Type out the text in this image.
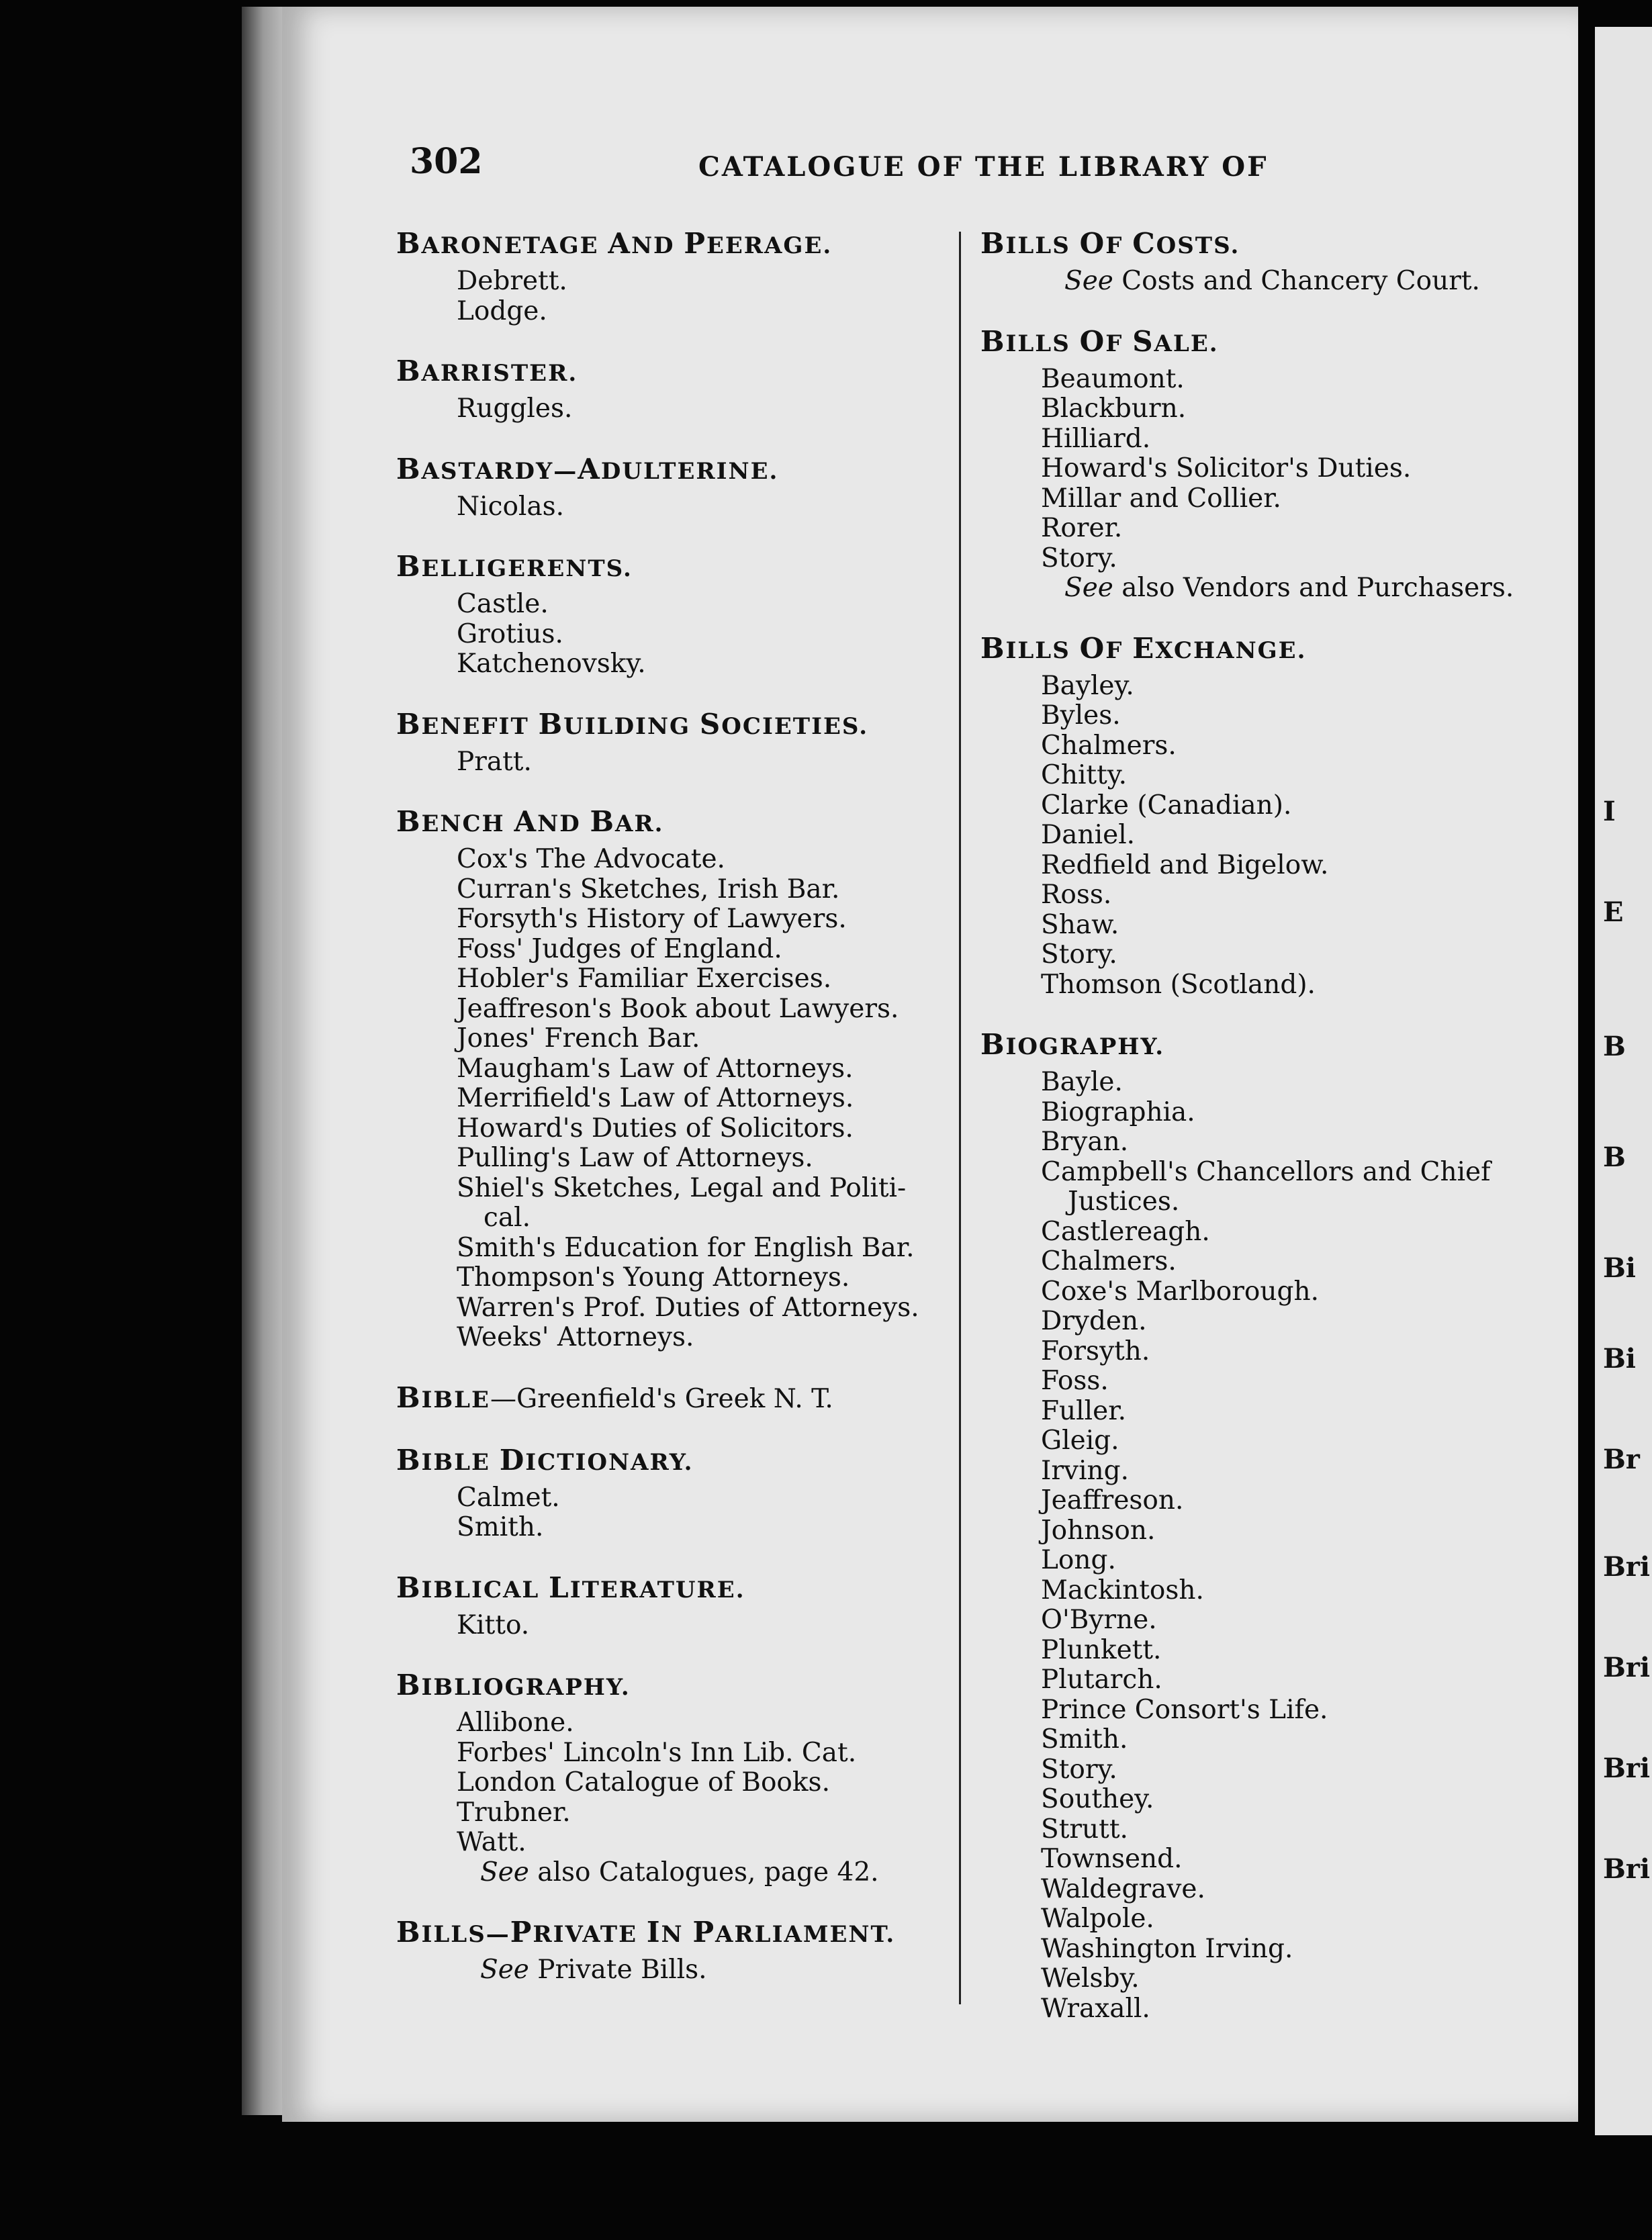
302	CATALOGUE OF THE LIBRARY OF
BARONETAGE AND PEERAGE.
Debrett.
Lodge.
BARRISTER.
Ruggles.
BASTARDY—ADULTERINE.
Nicolas.
BELLIGERENTS.
Castle.
Grotius.
Katchenovsky.
BENEFIT BUILDING SOCIETIES.
Pratt.
BENCH AND BAR.
Cox's The Advocate.
Curran's Sketches, Irish Bar.
Forsyth's History of Lawyers.
Foss' Judges of England.
Hobler's Familiar Exercises.
Jeaffreson's Book about Lawyers.
Jones' French Bar.
Maugham's Law of Attorneys.
Merrifield's Law of Attorneys.
Howard's Duties of Solicitors.
Pulling's Law of Attorneys.
Shiel's Sketches, Legal and Politi-
cal.
Smith's Education for English Bar.
Thompson's Young Attorneys.
Warren's Prof. Duties of Attorneys.
Weeks' Attorneys.
BIBLE—Greenfield's Greek N. T.
BIBLE DICTIONARY.
Calmet.
Smith.
BIBLICAL LITERATURE.
Kitto.
BIBLIOGRAPHY.
Allibone.
Forbes' Lincoln's Inn Lib. Cat.
London Catalogue of Books.
Trubner.
Watt.
See also Catalogues, page 42.
BILLS—PRIVATE IN PARLIAMENT.
See Private Bills.
BILLS OF COSTS.
See Costs and Chancery Court.
BILLS OF SALE.
Beaumont.
Blackburn.
Hilliard.
Howard's Solicitor's Duties.
Millar and Collier.
Rorer.
Story.
See also Vendors and Purchasers.
BILLS OF EXCHANGE.
Bayley.
Byles.
Chalmers.
Chitty.
Clarke (Canadian).
Daniel.
Redfield and Bigelow.
Ross.
Shaw.
Story.
Thomson (Scotland).
BIOGRAPHY.
Bayle.
Biographia.
Bryan.
Campbell's Chancellors and Chief
Justices.
Castlereagh.
Chalmers.
Coxe's Marlborough.
Dryden.
Forsyth.
Foss.
Fuller.
Gleig.
Irving.
Jeaffreson.
Johnson.
Long.
Mackintosh.
O'Byrne.
Plunkett.
Plutarch.
Prince Consort's Life.
Smith.
Story.
Southey.
Strutt.
Townsend.
Waldegrave.
Walpole.
Washington Irving.
Welsby.
Wraxall.
I
E
B
B
Bi
Bi
Br
Bri
Bri
Bri
Bri
